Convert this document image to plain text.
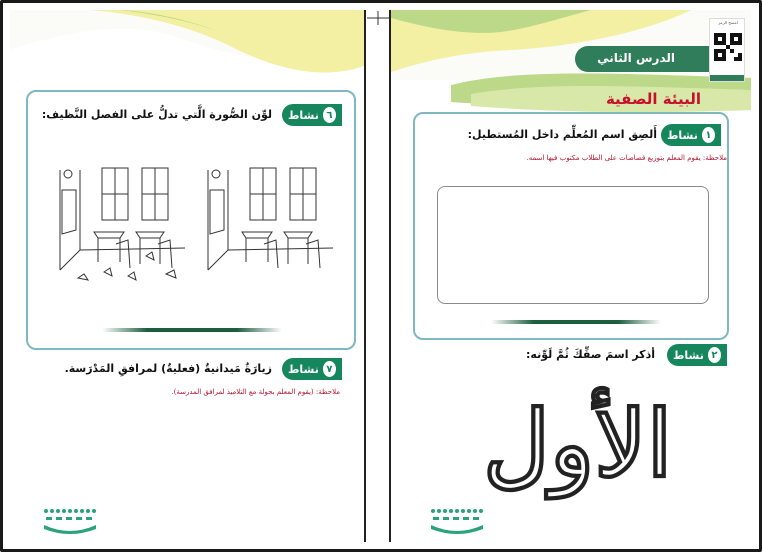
٦
نشاط
لوِّن الصُّورة الَّتي تدلُّ على الفصل النَّظيف:
٧
نشاط
زيارَةٌ مَيدانيةٌ (فعليةٌ) لمرافقِ المَدْرَسة.
ملاحظة: (يقوم المعلم بجولة مع التلاميذ لمرافق المدرسة).
الدرس الثاني
امسح الرمز
البيئة الصفية
١
نشاط
أَلصِق اسم المُعلِّم داخل المُستطيل:
ملاحظة: يقوم المعلم بتوزيع قصاصات على الطلاب مكتوب فيها اسمه.
٢
نشاط
أذكر اسمَ صفِّكَ ثُمَّ لَوِّنه:
الأول
